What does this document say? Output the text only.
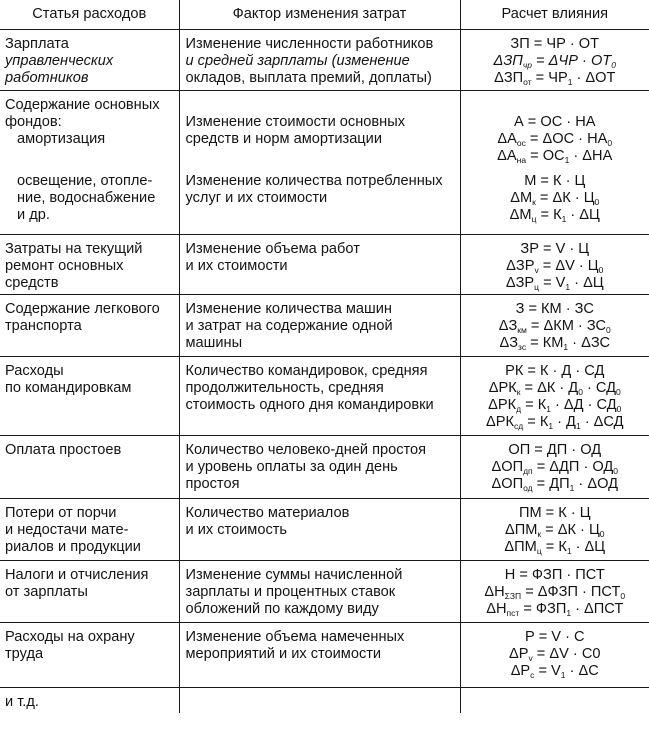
Статья расходов	Фактор изменения затрат	Расчет влияния

Зарплата
управленческих
работников	Изменение численности работников
и средней зарплаты (изменение
окладов, выплата премий, доплаты)	ЗП = ЧР · ОТ
$\Delta ЗП_{чр} = \Delta ЧР \cdot ОТ_0$
$\Delta ЗП_{от} = ЧР_1 \cdot \Delta ОТ$

Содержание основных
фондов:
амортизация	Изменение стоимости основных
средств и норм амортизации	А = ОС · НА
$\Delta А_{ос} = \Delta ОС \cdot НА_0$
$\Delta А_{на} = ОС_1 \cdot \Delta НА$

освещение, отопле-
ние, водоснабжение
и др.	Изменение количества потребленных
услуг и их стоимости	М = К · Ц
$\Delta М_к = \Delta К \cdot Ц_0$
$\Delta М_ц = К_1 \cdot \Delta Ц$

Затраты на текущий
ремонт основных
средств	Изменение объема работ
и их стоимости	ЗР = V · Ц
$\Delta ЗР_v = \Delta V \cdot Ц_0$
$\Delta ЗР_ц = V_1 \cdot \Delta Ц$

Содержание легкового
транспорта	Изменение количества машин
и затрат на содержание одной
машины	З = КМ · ЗС
$\Delta З_{км} = \Delta КМ \cdot ЗС_0$
$\Delta З_{зс} = КМ_1 \cdot \Delta ЗС$

Расходы
по командировкам	Количество командировок, средняя
продолжительность, средняя
стоимость одного дня командировки	РК = К · Д · СД
$\Delta РК_к = \Delta К \cdot Д_0 \cdot СД_0$
$\Delta РК_д = К_1 \cdot \Delta Д \cdot СД_0$
$\Delta РК_{сд} = К_1 \cdot Д_1 \cdot \Delta СД$

Оплата простоев	Количество человеко-дней простоя
и уровень оплаты за один день
простоя	ОП = ДП · ОД
$\Delta ОП_{дп} = \Delta ДП \cdot ОД_0$
$\Delta ОП_{од} = ДП_1 \cdot \Delta ОД$

Потери от порчи
и недостачи мате-
риалов и продукции	Количество материалов
и их стоимость	ПМ = К · Ц
$\Delta ПМ_к = \Delta К \cdot Ц_0$
$\Delta ПМ_ц = К_1 \cdot \Delta Ц$

Налоги и отчисления
от зарплаты	Изменение суммы начисленной
зарплаты и процентных ставок
обложений по каждому виду	Н = ФЗП · ПСТ
$\Delta Н_{\Sigma ЗП} = \Delta ФЗП \cdot ПСТ_0$
$\Delta Н_{пст} = ФЗП_1 \cdot \Delta ПСТ$

Расходы на охрану
труда	Изменение объема намеченных
мероприятий и их стоимости	Р = V · С
$\Delta Р_v = \Delta V \cdot С0$
$\Delta Р_с = V_1 \cdot \Delta С$

и т.д.		
